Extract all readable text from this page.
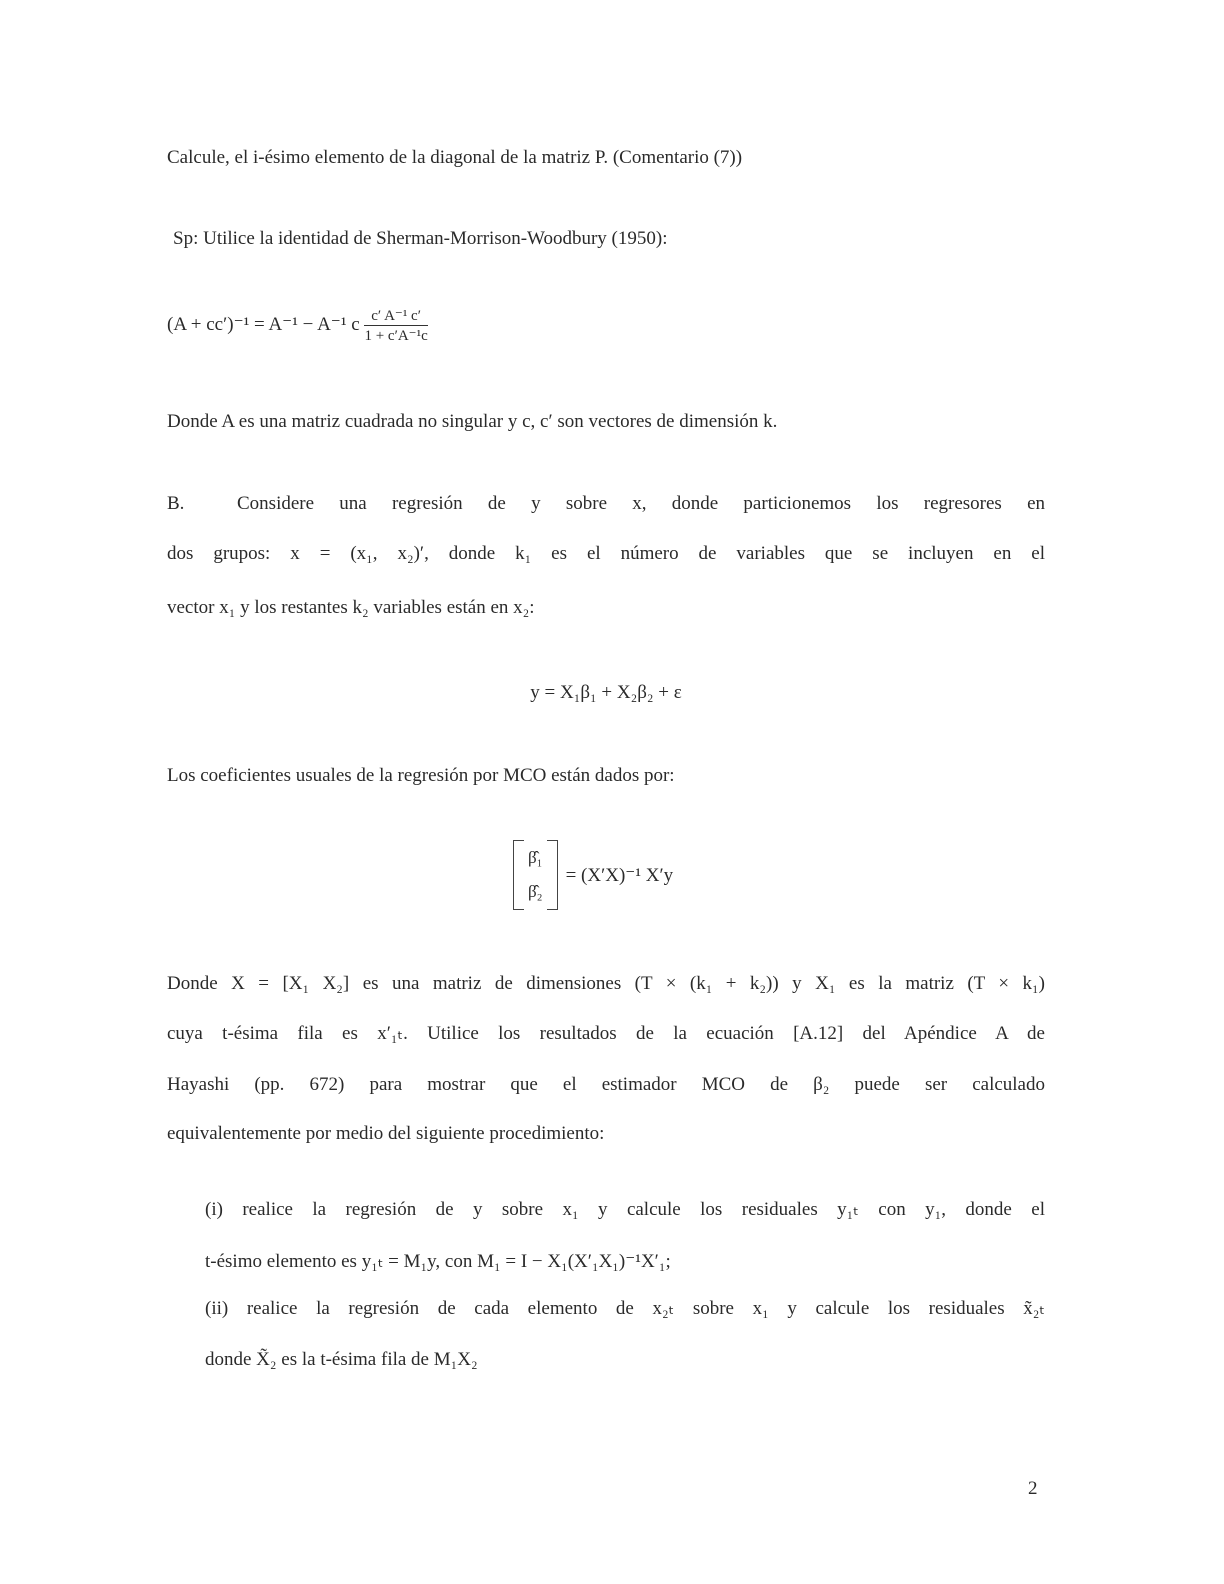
Calcule, el i-ésimo elemento de la diagonal de la matriz P. (Comentario (7))
Sp: Utilice la identidad de Sherman-Morrison-Woodbury (1950):
(A + cc′)⁻¹ = A⁻¹ − A⁻¹ c $\frac{\text{c′ A⁻¹ c′}}{\text{1 + c′A⁻¹c}}$
Donde A es una matriz cuadrada no singular y c, c′ son vectores de dimensión k.
B.	Considere una regresión de y sobre x, donde particionemos los regresores en
dos grupos: x = (x₁, x₂)′, donde k₁ es el número de variables que se incluyen en el
vector x₁ y los restantes k₂ variables están en x₂:
y = X₁β₁ + X₂β₂ + ε
Los coeficientes usuales de la regresión por MCO están dados por:
β̂₁
β̂₂
= (X′X)⁻¹ X′y
Donde X = [X₁ X₂] es una matriz de dimensiones (T × (k₁ + k₂)) y X₁ es la matriz (T × k₁)
cuya t-ésima fila es x′₁ₜ. Utilice los resultados de la ecuación [A.12] del Apéndice A de
Hayashi (pp. 672) para mostrar que el estimador MCO de β₂ puede ser calculado
equivalentemente por medio del siguiente procedimiento:
(i) realice la regresión de y sobre x₁ y calcule los residuales y₁ₜ con y₁, donde el
t-ésimo elemento es y₁ₜ = M₁y, con M₁ = I − X₁(X′₁X₁)⁻¹X′₁;
(ii) realice la regresión de cada elemento de x₂ₜ sobre x₁ y calcule los residuales x̃₂ₜ
donde X̃₂ es la t-ésima fila de M₁X₂
2
